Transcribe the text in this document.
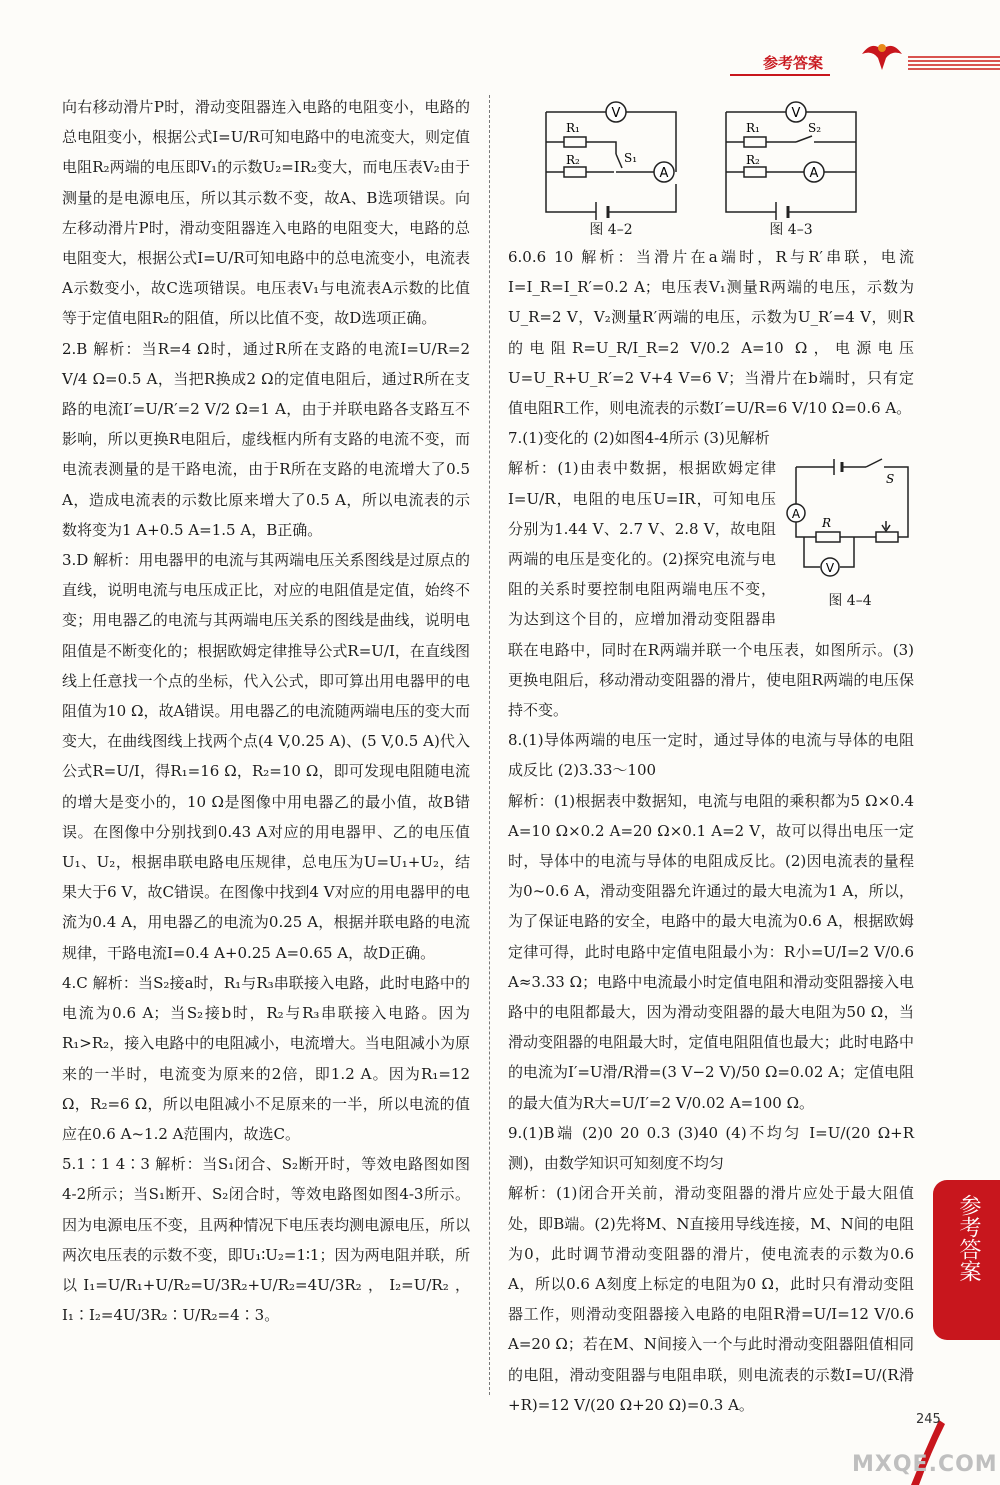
参考答案

向右移动滑片P时，滑动变阻器连入电路的电阻变小，电路的总电阻变小，根据公式I=U/R可知电路中的电流变大，则定值电阻R₂两端的电压即V₁的示数U₂=IR₂变大，而电压表V₂由于测量的是电源电压，所以其示数不变，故A、B选项错误。向左移动滑片P时，滑动变阻器连入电路的电阻变大，电路的总电阻变大，根据公式I=U/R可知电路中的总电流变小，电流表A示数变小，故C选项错误。电压表V₁与电流表A示数的比值等于定值电阻R₂的阻值，所以比值不变，故D选项正确。

2.B 解析：当R=4 Ω时，通过R所在支路的电流I=U/R=2 V/4 Ω=0.5 A，当把R换成2 Ω的定值电阻后，通过R所在支路的电流I′=U/R′=2 V/2 Ω=1 A，由于并联电路各支路互不影响，所以更换R电阻后，虚线框内所有支路的电流不变，而电流表测量的是干路电流，由于R所在支路的电流增大了0.5 A，造成电流表的示数比原来增大了0.5 A，所以电流表的示数将变为1 A+0.5 A=1.5 A，B正确。

3.D 解析：用电器甲的电流与其两端电压关系图线是过原点的直线，说明电流与电压成正比，对应的电阻值是定值，始终不变；用电器乙的电流与其两端电压关系的图线是曲线，说明电阻值是不断变化的；根据欧姆定律推导公式R=U/I，在直线图线上任意找一个点的坐标，代入公式，即可算出用电器甲的电阻值为10 Ω，故A错误。用电器乙的电流随两端电压的变大而变大，在曲线图线上找两个点(4 V,0.25 A)、(5 V,0.5 A)代入公式R=U/I，得R₁=16 Ω，R₂=10 Ω，即可发现电阻随电流的增大是变小的，10 Ω是图像中用电器乙的最小值，故B错误。在图像中分别找到0.43 A对应的用电器甲、乙的电压值U₁、U₂，根据串联电路电压规律，总电压为U=U₁+U₂，结果大于6 V，故C错误。在图像中找到4 V对应的用电器甲的电流为0.4 A，用电器乙的电流为0.25 A，根据并联电路的电流规律，干路电流I=0.4 A+0.25 A=0.65 A，故D正确。

4.C 解析：当S₂接a时，R₁与R₃串联接入电路，此时电路中的电流为0.6 A；当S₂接b时，R₂与R₃串联接入电路。因为R₁>R₂，接入电路中的电阻减小，电流增大。当电阻减小为原来的一半时，电流变为原来的2倍，即1.2 A。因为R₁=12 Ω，R₂=6 Ω，所以电阻减小不足原来的一半，所以电流的值应在0.6 A~1.2 A范围内，故选C。

5.1∶1 4∶3 解析：当S₁闭合、S₂断开时，等效电路图如图4-2所示；当S₁断开、S₂闭合时，等效电路图如图4-3所示。因为电源电压不变，且两种情况下电压表均测电源电压，所以两次电压表的示数不变，即U₁∶U₂=1∶1；因为两电阻并联，所以I₁=U/R₁+U/R₂=U/3R₂+U/R₂=4U/3R₂，I₂=U/R₂，I₁∶I₂=4U/3R₂∶U/R₂=4∶3。

V
A
R₁
R₂	S₁
图 4–2
V
A
R₁
R₂
S₂
图 4–3

6.0.6 10 解析：当滑片在a端时，R与R′串联，电流I=I_R=I_R′=0.2 A；电压表V₁测量R两端的电压，示数为U_R=2 V，V₂测量R′两端的电压，示数为U_R′=4 V，则R的电阻R=U_R/I_R=2 V/0.2 A=10 Ω，电源电压U=U_R+U_R′=2 V+4 V=6 V；当滑片在b端时，只有定值电阻R工作，则电流表的示数I′=U/R=6 V/10 Ω=0.6 A。

7.(1)变化的 (2)如图4-4所示 (3)见解析

A
V
R
S
图 4–4

解析：(1)由表中数据，根据欧姆定律I=U/R，电阻的电压U=IR，可知电压分别为1.44 V、2.7 V、2.8 V，故电阻两端的电压是变化的。(2)探究电流与电阻的关系时要控制电阻两端电压不变，为达到这个目的，应增加滑动变阻器串联在电路中，同时在R两端并联一个电压表，如图所示。(3)更换电阻后，移动滑动变阻器的滑片，使电阻R两端的电压保持不变。

8.(1)导体两端的电压一定时，通过导体的电流与导体的电阻成反比 (2)3.33～100

解析：(1)根据表中数据知，电流与电阻的乘积都为5 Ω×0.4 A=10 Ω×0.2 A=20 Ω×0.1 A=2 V，故可以得出电压一定时，导体中的电流与导体的电阻成反比。(2)因电流表的量程为0~0.6 A，滑动变阻器允许通过的最大电流为1 A，所以，为了保证电路的安全，电路中的最大电流为0.6 A，根据欧姆定律可得，此时电路中定值电阻最小为：R小=U/I=2 V/0.6 A≈3.33 Ω；电路中电流最小时定值电阻和滑动变阻器接入电路中的电阻都最大，因为滑动变阻器的最大电阻为50 Ω，当滑动变阻器的电阻最大时，定值电阻阻值也最大；此时电路中的电流为I′=U滑/R滑=(3 V−2 V)/50 Ω=0.02 A；定值电阻的最大值为R大=U/I′=2 V/0.02 A=100 Ω。

9.(1)B端 (2)0 20 0.3 (3)40 (4)不均匀 I=U/(20 Ω+R测)，由数学知识可知刻度不均匀

解析：(1)闭合开关前，滑动变阻器的滑片应处于最大阻值处，即B端。(2)先将M、N直接用导线连接，M、N间的电阻为0，此时调节滑动变阻器的滑片，使电流表的示数为0.6 A，所以0.6 A刻度上标定的电阻为0 Ω，此时只有滑动变阻器工作，则滑动变阻器接入电路的电阻R滑=U/I=12 V/0.6 A=20 Ω；若在M、N间接入一个与此时滑动变阻器阻值相同的电阻，滑动变阻器与电阻串联，则电流表的示数I=U/(R滑+R)=12 V/(20 Ω+20 Ω)=0.3 A。

参考答案
245
MXQE.COM
